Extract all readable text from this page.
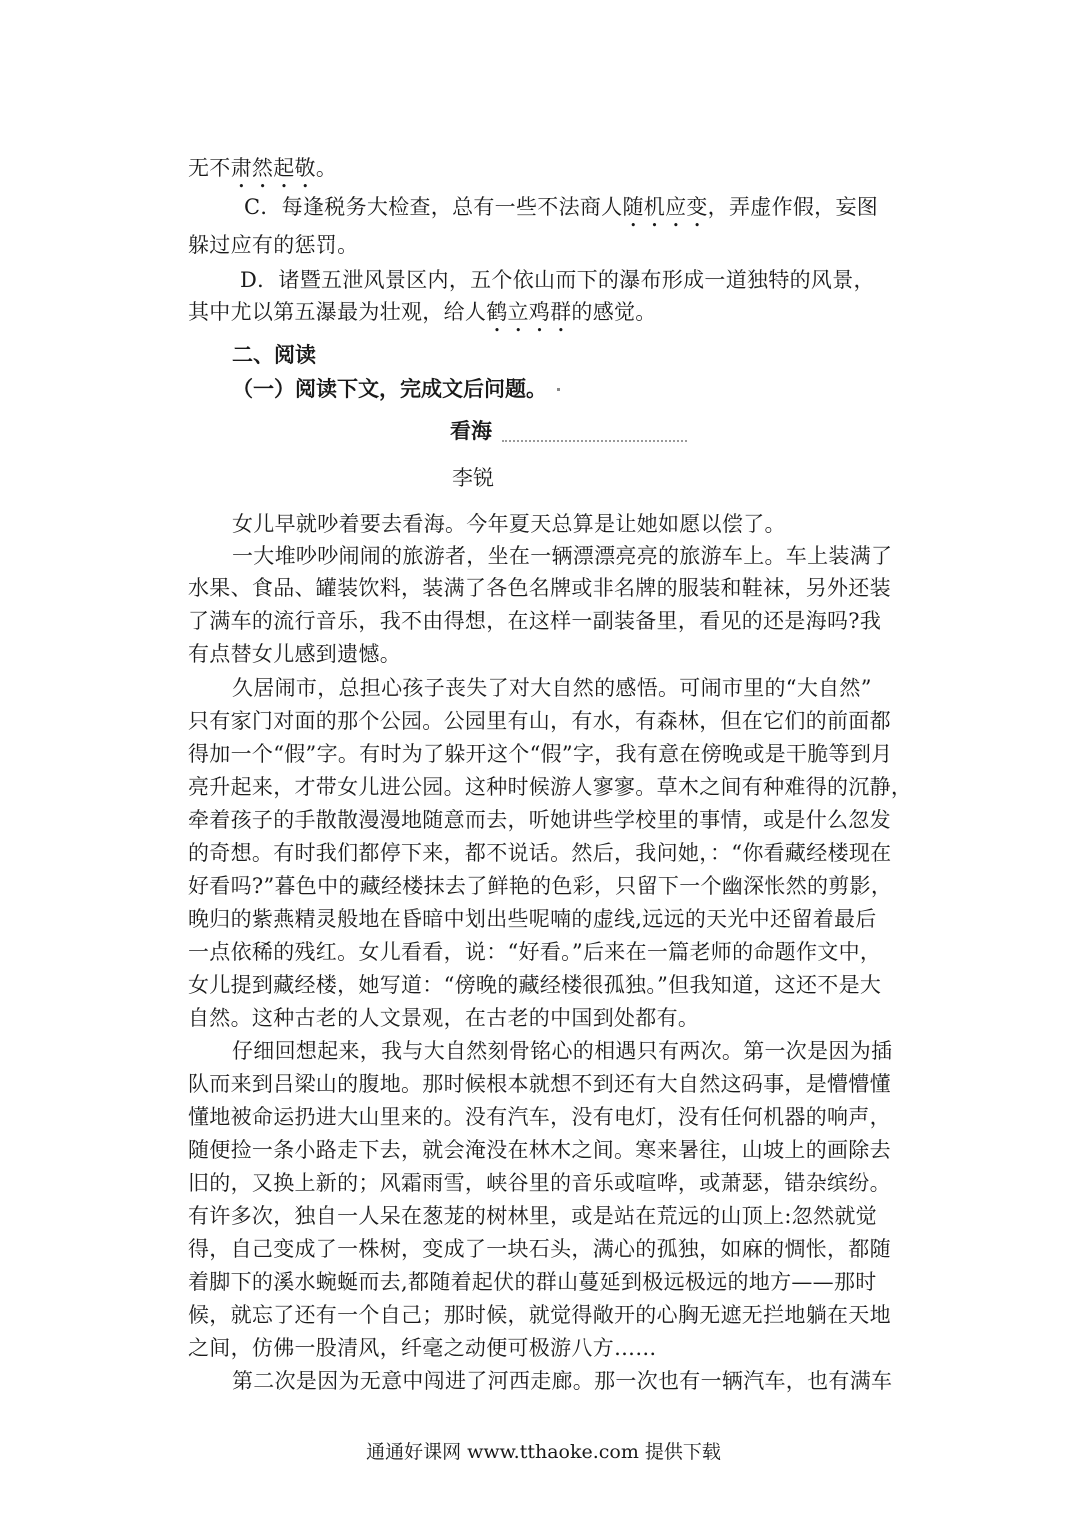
无不肃然起敬。
C．每逢税务大检查，总有一些不法商人随机应变，弄虚作假，妄图
躲过应有的惩罚。
D．诸暨五泄风景区内，五个依山而下的瀑布形成一道独特的风景，
其中尤以第五瀑最为壮观，给人鹤立鸡群的感觉。
二、阅读
（一）阅读下文，完成文后问题。
看海
李锐
女儿早就吵着要去看海。今年夏天总算是让她如愿以偿了。
一大堆吵吵闹闹的旅游者，坐在一辆漂漂亮亮的旅游车上。车上装满了
水果、食品、罐装饮料，装满了各色名牌或非名牌的服装和鞋袜，另外还装
了满车的流行音乐，我不由得想，在这样一副装备里，看见的还是海吗?我
有点替女儿感到遗憾。
久居闹市，总担心孩子丧失了对大自然的感悟。可闹市里的“大自然”
只有家门对面的那个公园。公园里有山，有水，有森林，但在它们的前面都
得加一个“假”字。有时为了躲开这个“假”字，我有意在傍晚或是干脆等到月
亮升起来，才带女儿进公园。这种时候游人寥寥。草木之间有种难得的沉静，
牵着孩子的手散散漫漫地随意而去，听她讲些学校里的事情，或是什么忽发
的奇想。有时我们都停下来，都不说话。然后，我问她，：“你看藏经楼现在
好看吗?”暮色中的藏经楼抹去了鲜艳的色彩，只留下一个幽深怅然的剪影，
晚归的紫燕精灵般地在昏暗中划出些呢喃的虚线,远远的天光中还留着最后
一点依稀的残红。女儿看看，说：“好看。”后来在一篇老师的命题作文中，
女儿提到藏经楼，她写道：“傍晚的藏经楼很孤独。”但我知道，这还不是大
自然。这种古老的人文景观，在古老的中国到处都有。
仔细回想起来，我与大自然刻骨铭心的相遇只有两次。第一次是因为插
队而来到吕梁山的腹地。那时候根本就想不到还有大自然这码事，是懵懵懂
懂地被命运扔进大山里来的。没有汽车，没有电灯，没有任何机器的响声，
随便捡一条小路走下去，就会淹没在林木之间。寒来暑往，山坡上的画除去
旧的，又换上新的；风霜雨雪，峡谷里的音乐或喧哗，或萧瑟，错杂缤纷。
有许多次，独自一人呆在葱茏的树林里，或是站在荒远的山顶上:忽然就觉
得，自己变成了一株树，变成了一块石头，满心的孤独，如麻的惆怅，都随
着脚下的溪水蜿蜒而去,都随着起伏的群山蔓延到极远极远的地方——那时
候，就忘了还有一个自己；那时候，就觉得敞开的心胸无遮无拦地躺在天地
之间，仿佛一股清风，纤毫之动便可极游八方……
第二次是因为无意中闯进了河西走廊。那一次也有一辆汽车，也有满车
通通好课网 www.tthaoke.com 提供下载
